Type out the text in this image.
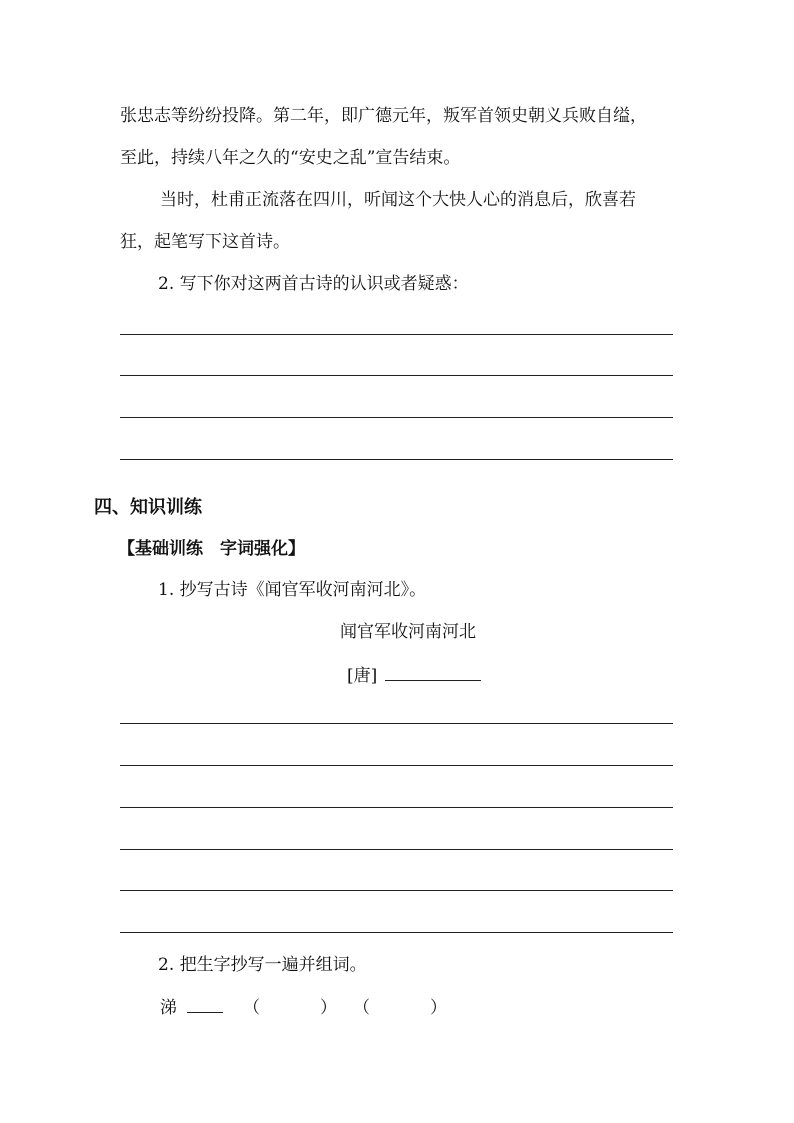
张忠志等纷纷投降。第二年，即广德元年，叛军首领史朝义兵败自缢，
至此，持续八年之久的“安史之乱”宣告结束。
当时，杜甫正流落在四川，听闻这个大快人心的消息后，欣喜若
狂，起笔写下这首诗。
2. 写下你对这两首古诗的认识或者疑惑：
四、知识训练
【基础训练　字词强化】
1. 抄写古诗《闻官军收河南河北》。
闻官军收河南河北
[唐]
2. 把生字抄写一遍并组词。
涕	（	） （	）
